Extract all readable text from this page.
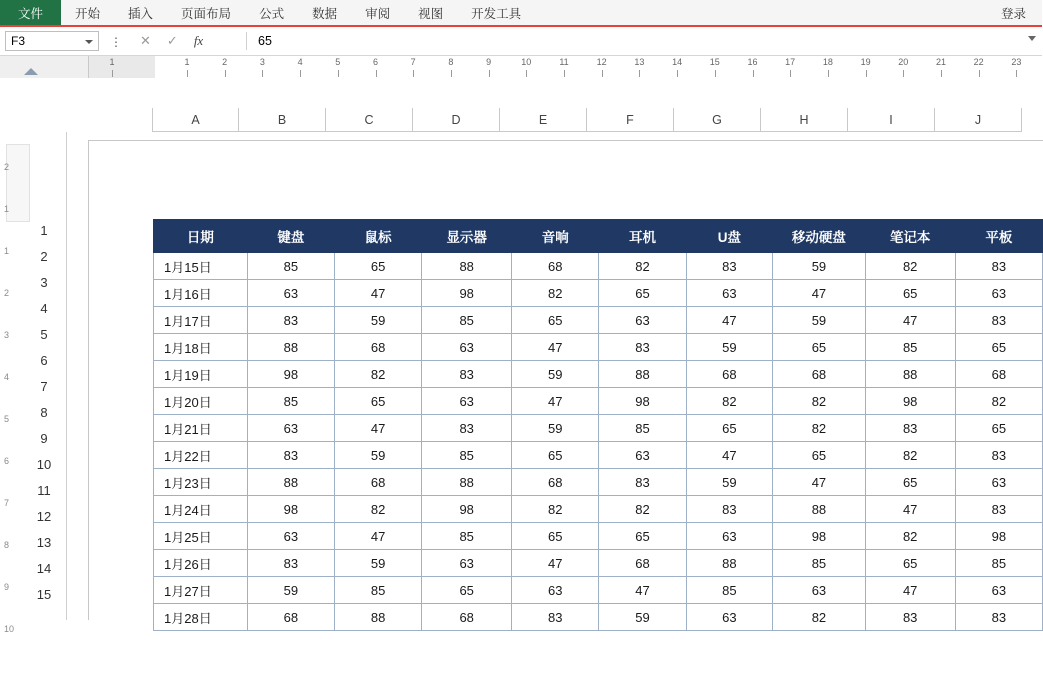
文件	开始 插入 页面布局 公式 数据 审阅 视图 开发工具	登录
F3	⋮ ✕ ✓ fx	65
1	1	2	3	4	5	6	7	8	9	10	11	12	13	14	15	16	17	18	19	20	21	22	23
A	B	C	D	E	F	G	H	I	J
2
1
1
2
3
4
5
6
7
8
9
10
1
2
3
4
5
6
7
8
9
10
11
12
13
14
15
日期	键盘	鼠标	显示器	音响	耳机	U盘	移动硬盘	笔记本	平板
1月15日	85	65	88	68	82	83	59	82	83
1月16日	63	47	98	82	65	63	47	65	63
1月17日	83	59	85	65	63	47	59	47	83
1月18日	88	68	63	47	83	59	65	85	65
1月19日	98	82	83	59	88	68	68	88	68
1月20日	85	65	63	47	98	82	82	98	82
1月21日	63	47	83	59	85	65	82	83	65
1月22日	83	59	85	65	63	47	65	82	83
1月23日	88	68	88	68	83	59	47	65	63
1月24日	98	82	98	82	82	83	88	47	83
1月25日	63	47	85	65	65	63	98	82	98
1月26日	83	59	63	47	68	88	85	65	85
1月27日	59	85	65	63	47	85	63	47	63
1月28日	68	88	68	83	59	63	82	83	83
